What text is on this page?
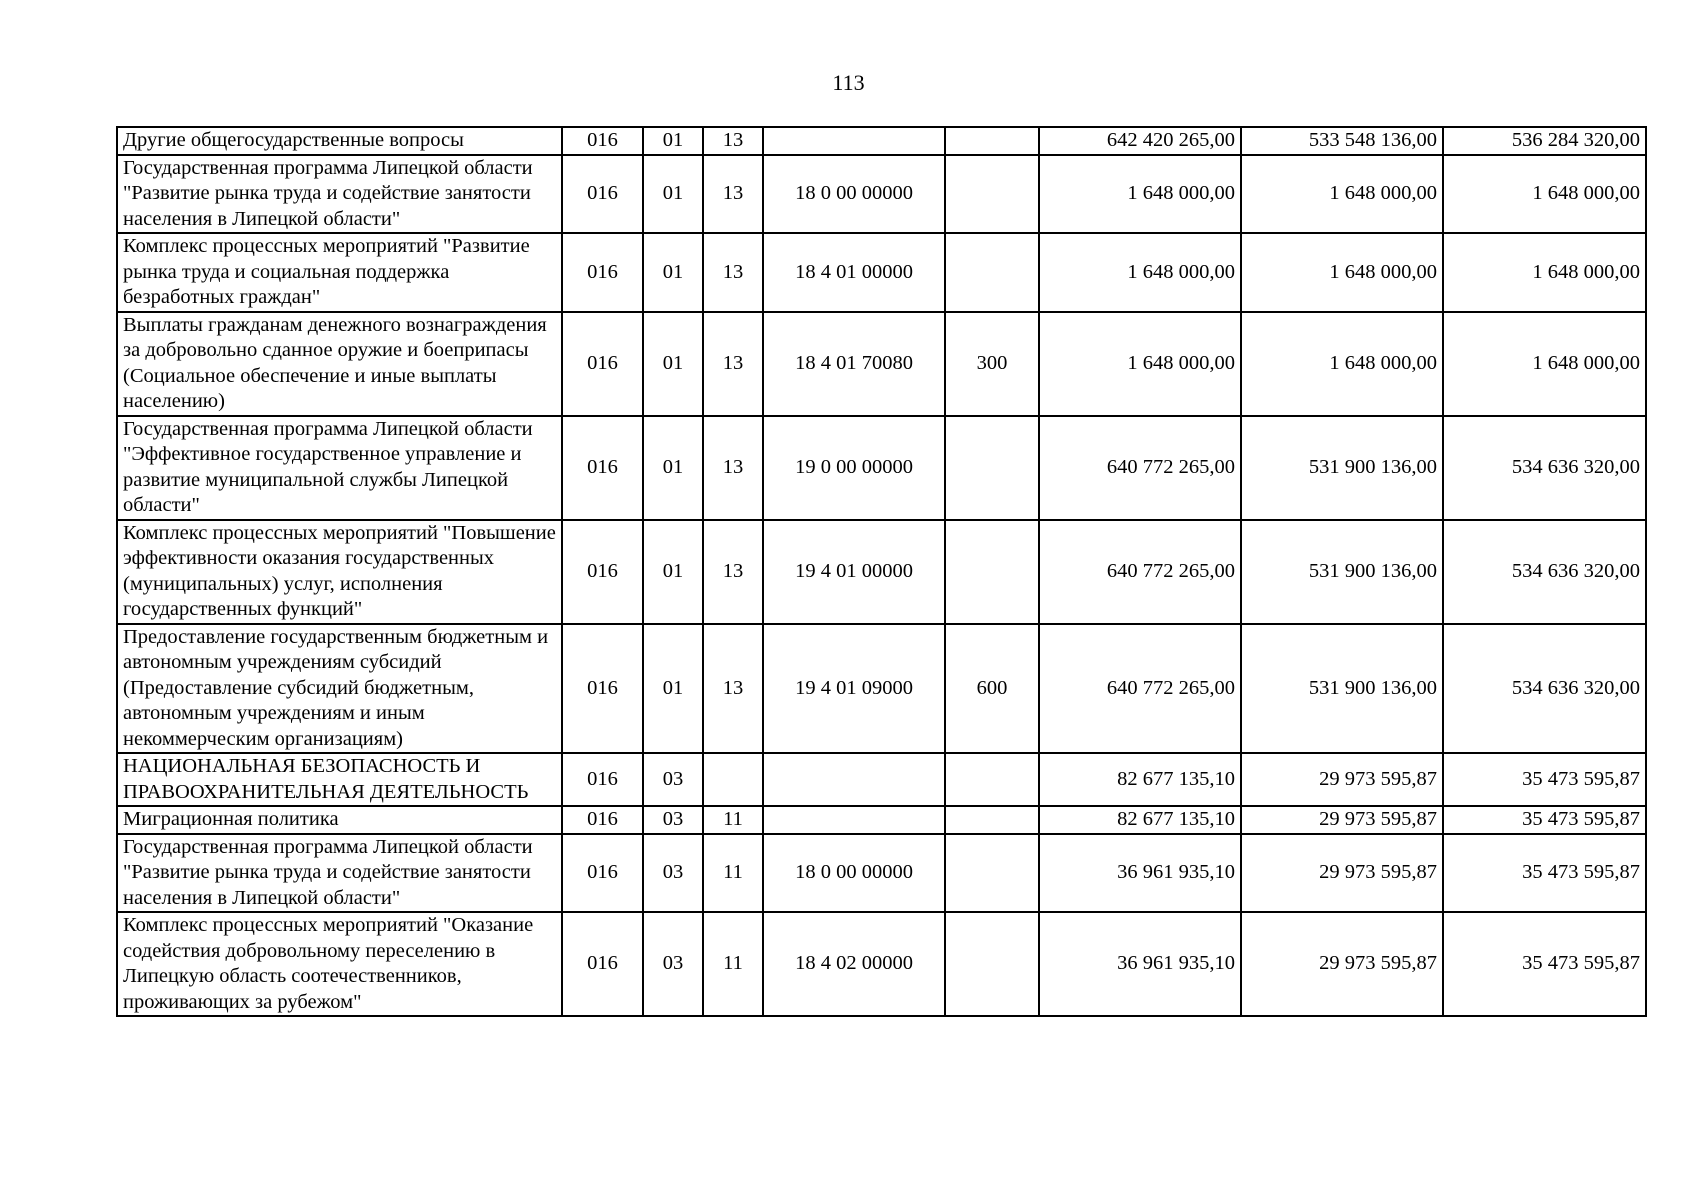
113
Другие общегосударственные вопросы	016	01	13			642 420 265,00	533 548 136,00	536 284 320,00
Государственная программа Липецкой области "Развитие рынка труда и содействие занятости населения в Липецкой области"	016	01	13	18 0 00 00000		1 648 000,00	1 648 000,00	1 648 000,00
Комплекс процессных мероприятий "Развитие рынка труда и социальная поддержка безработных граждан"	016	01	13	18 4 01 00000		1 648 000,00	1 648 000,00	1 648 000,00
Выплаты гражданам денежного вознаграждения за добровольно сданное оружие и боеприпасы (Социальное обеспечение и иные выплаты населению)	016	01	13	18 4 01 70080	300	1 648 000,00	1 648 000,00	1 648 000,00
Государственная программа Липецкой области "Эффективное государственное управление и развитие муниципальной службы Липецкой области"	016	01	13	19 0 00 00000		640 772 265,00	531 900 136,00	534 636 320,00
Комплекс процессных мероприятий "Повышение эффективности оказания государственных (муниципальных) услуг, исполнения государственных функций"	016	01	13	19 4 01 00000		640 772 265,00	531 900 136,00	534 636 320,00
Предоставление государственным бюджетным и автономным учреждениям субсидий (Предоставление субсидий бюджетным, автономным учреждениям и иным некоммерческим организациям)	016	01	13	19 4 01 09000	600	640 772 265,00	531 900 136,00	534 636 320,00
НАЦИОНАЛЬНАЯ БЕЗОПАСНОСТЬ И ПРАВООХРАНИТЕЛЬНАЯ ДЕЯТЕЛЬНОСТЬ	016	03				82 677 135,10	29 973 595,87	35 473 595,87
Миграционная политика	016	03	11			82 677 135,10	29 973 595,87	35 473 595,87
Государственная программа Липецкой области "Развитие рынка труда и содействие занятости населения в Липецкой области"	016	03	11	18 0 00 00000		36 961 935,10	29 973 595,87	35 473 595,87
Комплекс процессных мероприятий "Оказание содействия добровольному переселению в Липецкую область соотечественников, проживающих за рубежом"	016	03	11	18 4 02 00000		36 961 935,10	29 973 595,87	35 473 595,87
